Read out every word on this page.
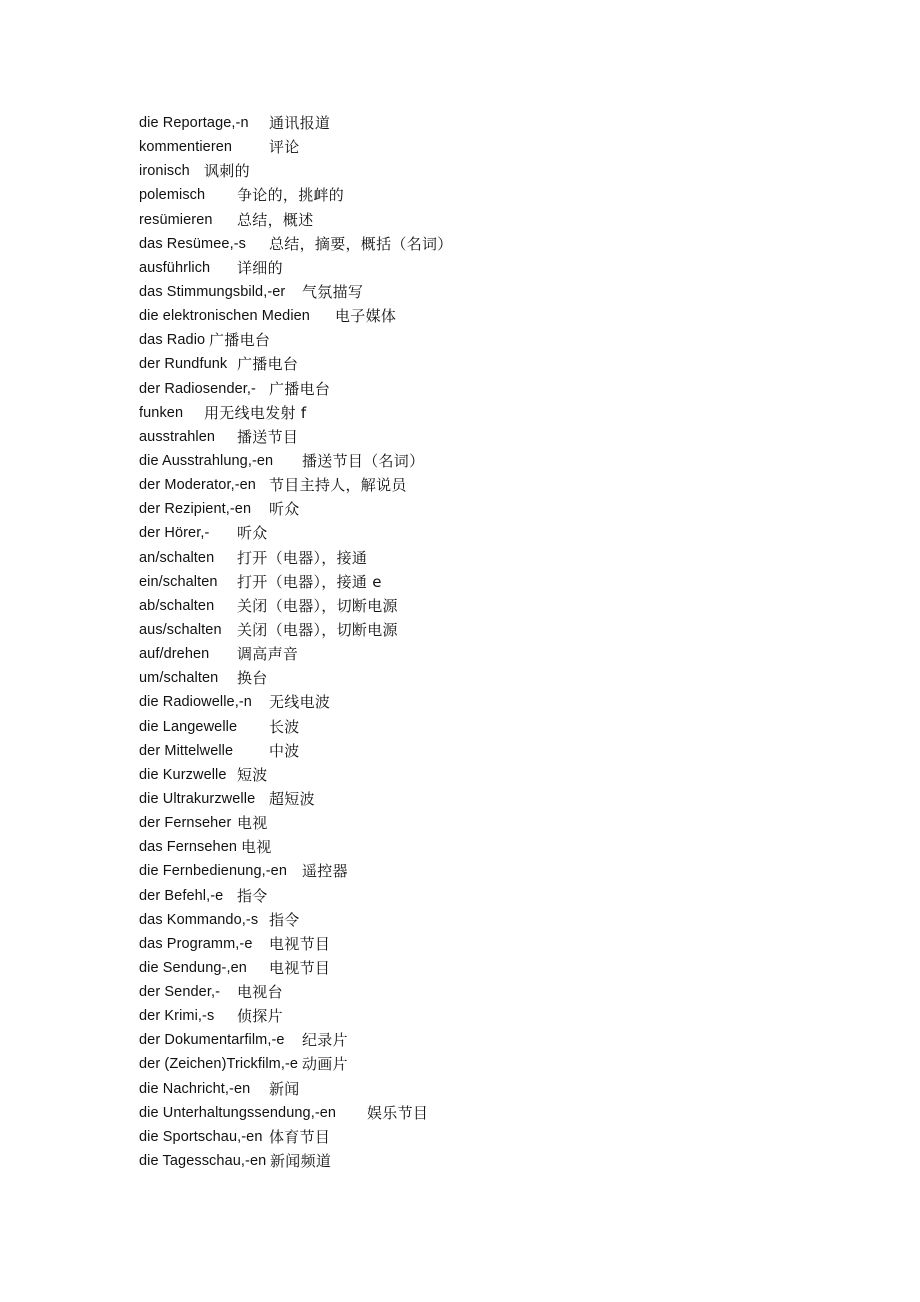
die Reportage,-n 通讯报道
kommentieren 评论
ironisch 讽刺的
polemisch 争论的，挑衅的
resümieren 总结，概述
das Resümee,-s 总结，摘要，概括（名词）
ausführlich 详细的
das Stimmungsbild,-er 气氛描写
die elektronischen Medien 电子媒体
das Radio 广播电台
der Rundfunk 广播电台
der Radiosender,- 广播电台
funken 用无线电发射 f
ausstrahlen 播送节目
die Ausstrahlung,-en 播送节目（名词）
der Moderator,-en 节目主持人，解说员
der Rezipient,-en 听众
der Hörer,- 听众
an/schalten 打开（电器），接通
ein/schalten 打开（电器），接通 e
ab/schalten 关闭（电器），切断电源
aus/schalten 关闭（电器），切断电源
auf/drehen 调高声音
um/schalten 换台
die Radiowelle,-n 无线电波
die Langewelle 长波
der Mittelwelle 中波
die Kurzwelle 短波
die Ultrakurzwelle 超短波
der Fernseher 电视
das Fernsehen 电视
die Fernbedienung,-en 遥控器
der Befehl,-e 指令
das Kommando,-s 指令
das Programm,-e 电视节目
die Sendung-,en 电视节目
der Sender,- 电视台
der Krimi,-s 侦探片
der Dokumentarfilm,-e 纪录片
der (Zeichen)Trickfilm,-e 动画片
die Nachricht,-en 新闻
die Unterhaltungssendung,-en 娱乐节目
die Sportschau,-en 体育节目
die Tagesschau,-en 新闻频道
